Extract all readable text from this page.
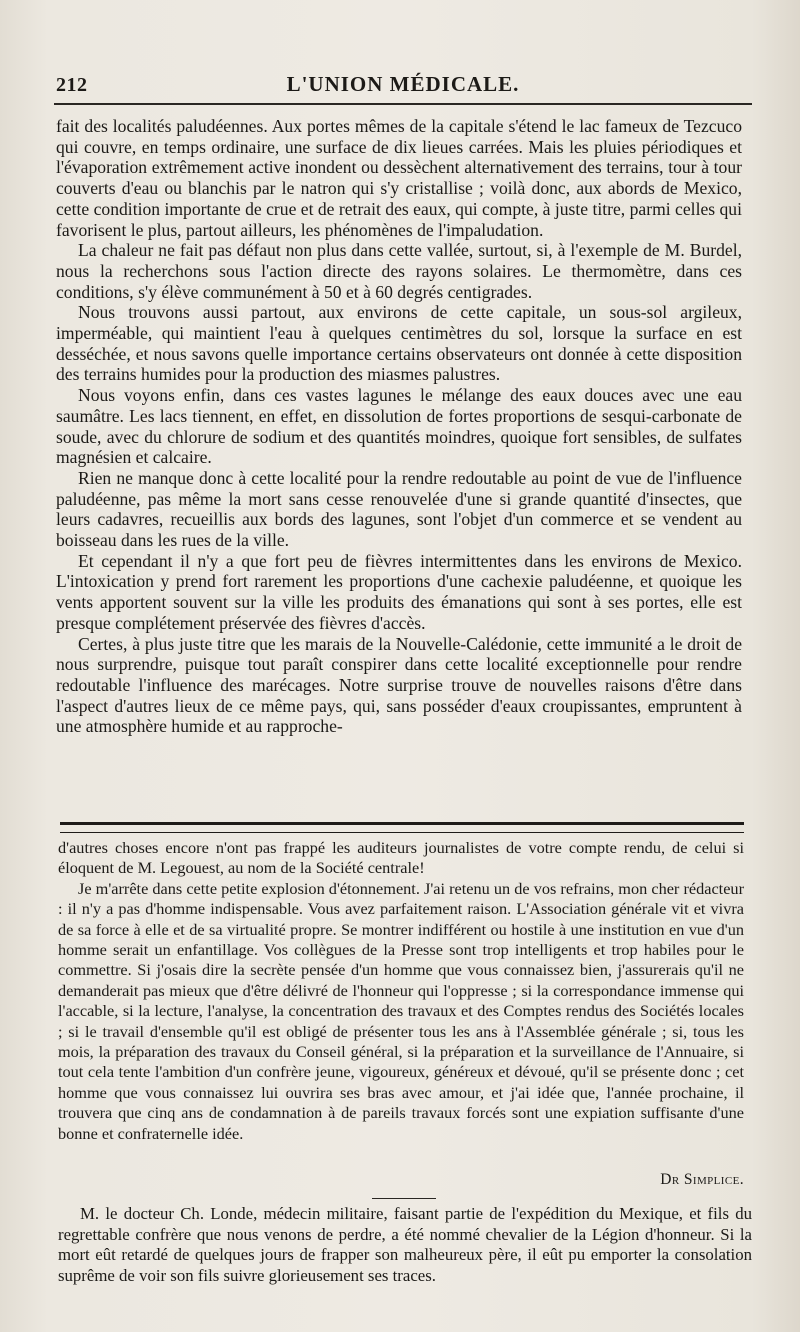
212	L'UNION MÉDICALE.

fait des localités paludéennes. Aux portes mêmes de la capitale s'étend le lac fameux de Tezcuco qui couvre, en temps ordinaire, une surface de dix lieues carrées. Mais les pluies périodiques et l'évaporation extrêmement active inondent ou dessèchent alternativement des terrains, tour à tour couverts d'eau ou blanchis par le natron qui s'y cristallise ; voilà donc, aux abords de Mexico, cette condition importante de crue et de retrait des eaux, qui compte, à juste titre, parmi celles qui favorisent le plus, partout ailleurs, les phénomènes de l'impaludation.

La chaleur ne fait pas défaut non plus dans cette vallée, surtout, si, à l'exemple de M. Burdel, nous la recherchons sous l'action directe des rayons solaires. Le thermomètre, dans ces conditions, s'y élève communément à 50 et à 60 degrés centigrades.

Nous trouvons aussi partout, aux environs de cette capitale, un sous-sol argileux, imperméable, qui maintient l'eau à quelques centimètres du sol, lorsque la surface en est desséchée, et nous savons quelle importance certains observateurs ont donnée à cette disposition des terrains humides pour la production des miasmes palustres.

Nous voyons enfin, dans ces vastes lagunes le mélange des eaux douces avec une eau saumâtre. Les lacs tiennent, en effet, en dissolution de fortes proportions de sesqui-carbonate de soude, avec du chlorure de sodium et des quantités moindres, quoique fort sensibles, de sulfates magnésien et calcaire.

Rien ne manque donc à cette localité pour la rendre redoutable au point de vue de l'influence paludéenne, pas même la mort sans cesse renouvelée d'une si grande quantité d'insectes, que leurs cadavres, recueillis aux bords des lagunes, sont l'objet d'un commerce et se vendent au boisseau dans les rues de la ville.

Et cependant il n'y a que fort peu de fièvres intermittentes dans les environs de Mexico. L'intoxication y prend fort rarement les proportions d'une cachexie paludéenne, et quoique les vents apportent souvent sur la ville les produits des émanations qui sont à ses portes, elle est presque complétement préservée des fièvres d'accès.

Certes, à plus juste titre que les marais de la Nouvelle-Calédonie, cette immunité a le droit de nous surprendre, puisque tout paraît conspirer dans cette localité exceptionnelle pour rendre redoutable l'influence des marécages. Notre surprise trouve de nouvelles raisons d'être dans l'aspect d'autres lieux de ce même pays, qui, sans posséder d'eaux croupissantes, empruntent à une atmosphère humide et au rapproche-

d'autres choses encore n'ont pas frappé les auditeurs journalistes de votre compte rendu, de celui si éloquent de M. Legouest, au nom de la Société centrale!

Je m'arrête dans cette petite explosion d'étonnement. J'ai retenu un de vos refrains, mon cher rédacteur : il n'y a pas d'homme indispensable. Vous avez parfaitement raison. L'Association générale vit et vivra de sa force à elle et de sa virtualité propre. Se montrer indifférent ou hostile à une institution en vue d'un homme serait un enfantillage. Vos collègues de la Presse sont trop intelligents et trop habiles pour le commettre. Si j'osais dire la secrète pensée d'un homme que vous connaissez bien, j'assurerais qu'il ne demanderait pas mieux que d'être délivré de l'honneur qui l'oppresse ; si la correspondance immense qui l'accable, si la lecture, l'analyse, la concentration des travaux et des Comptes rendus des Sociétés locales ; si le travail d'ensemble qu'il est obligé de présenter tous les ans à l'Assemblée générale ; si, tous les mois, la préparation des travaux du Conseil général, si la préparation et la surveillance de l'Annuaire, si tout cela tente l'ambition d'un confrère jeune, vigoureux, généreux et dévoué, qu'il se présente donc ; cet homme que vous connaissez lui ouvrira ses bras avec amour, et j'ai idée que, l'année prochaine, il trouvera que cinq ans de condamnation à de pareils travaux forcés sont une expiation suffisante d'une bonne et confraternelle idée.

Dr Simplice.

M. le docteur Ch. Londe, médecin militaire, faisant partie de l'expédition du Mexique, et fils du regrettable confrère que nous venons de perdre, a été nommé chevalier de la Légion d'honneur. Si la mort eût retardé de quelques jours de frapper son malheureux père, il eût pu emporter la consolation suprême de voir son fils suivre glorieusement ses traces.
